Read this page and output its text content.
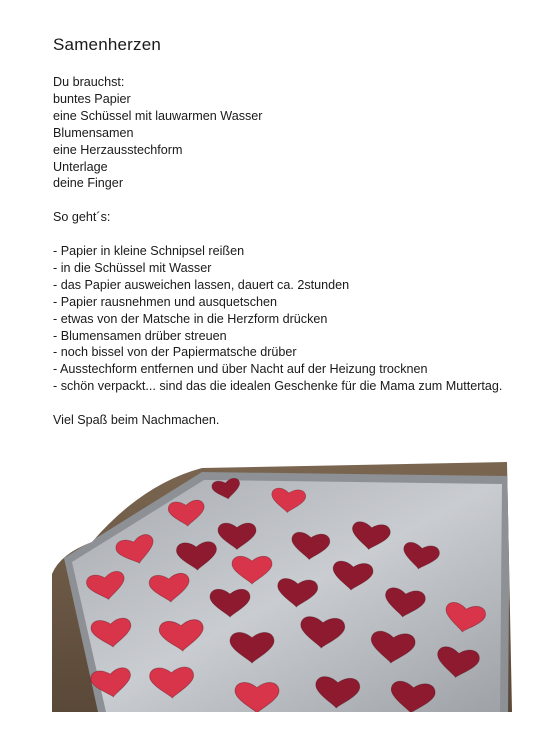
Samenherzen

Du brauchst:

buntes Papier

eine Schüssel mit lauwarmen Wasser

Blumensamen

eine Herzausstechform

Unterlage

deine Finger

So geht´s:

- Papier in kleine Schnipsel reißen

- in die Schüssel mit Wasser

- das Papier ausweichen lassen, dauert ca. 2stunden

- Papier rausnehmen und ausquetschen

- etwas von der Matsche in die Herzform drücken

- Blumensamen drüber streuen

- noch bissel von der Papiermatsche drüber

- Ausstechform entfernen und über Nacht auf der Heizung trocknen

- schön verpackt... sind das die idealen Geschenke für die Mama zum Muttertag.

Viel Spaß beim Nachmachen.
